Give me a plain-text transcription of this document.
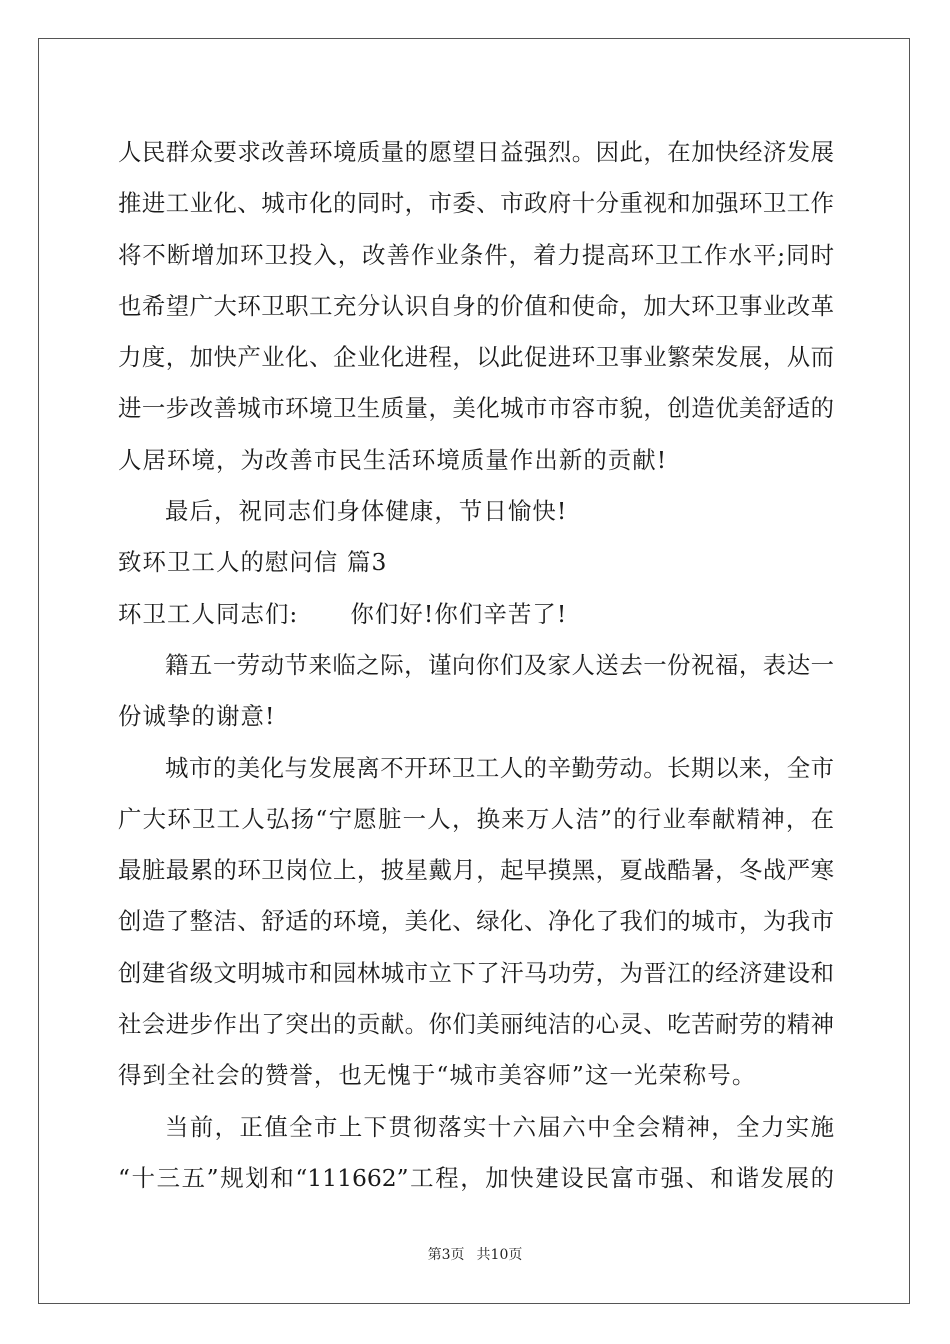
人民群众要求改善环境质量的愿望日益强烈。因此，在加快经济发展
推进工业化、城市化的同时，市委、市政府十分重视和加强环卫工作
将不断增加环卫投入，改善作业条件，着力提高环卫工作水平;同时
也希望广大环卫职工充分认识自身的价值和使命，加大环卫事业改革
力度，加快产业化、企业化进程，以此促进环卫事业繁荣发展，从而
进一步改善城市环境卫生质量，美化城市市容市貌，创造优美舒适的
人居环境，为改善市民生活环境质量作出新的贡献!
最后，祝同志们身体健康，节日愉快!
致环卫工人的慰问信 篇3
环卫工人同志们: 你们好!你们辛苦了!
籍五一劳动节来临之际，谨向你们及家人送去一份祝福，表达一
份诚挚的谢意!
城市的美化与发展离不开环卫工人的辛勤劳动。长期以来，全市
广大环卫工人弘扬“宁愿脏一人，换来万人洁”的行业奉献精神，在
最脏最累的环卫岗位上，披星戴月，起早摸黑，夏战酷暑，冬战严寒
创造了整洁、舒适的环境，美化、绿化、净化了我们的城市，为我市
创建省级文明城市和园林城市立下了汗马功劳，为晋江的经济建设和
社会进步作出了突出的贡献。你们美丽纯洁的心灵、吃苦耐劳的精神
得到全社会的赞誉，也无愧于“城市美容师”这一光荣称号。
当前，正值全市上下贯彻落实十六届六中全会精神，全力实施
“十三五”规划和“111662”工程，加快建设民富市强、和谐发展的
第3页 共10页
